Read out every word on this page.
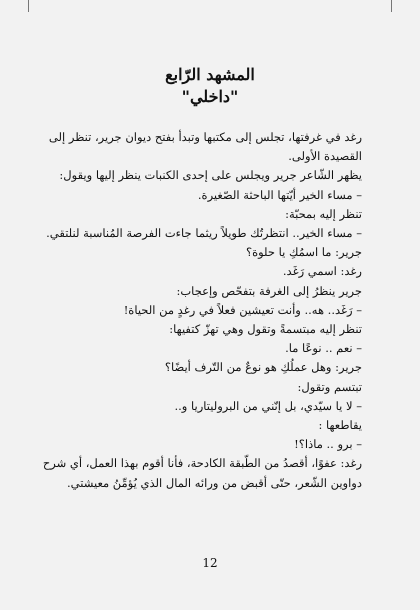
المشهد الرّابع
"داخلي"
رغد في غرفتها، تجلس إلى مكتبها وتبدأ بفتح ديوان جرير، تنظر إلى
القصيدة الأولى.
يظهر الشّاعر جرير ويجلس على إحدى الكنبات ينظر إليها ويقول:
– مساء الخير أيّتها الباحثة الصّغيرة.
تنظر إليه بمحبّة:
– مساء الخير.. انتظرتُك طويلاً ريثما جاءت الفرصة المُناسبة لنلتقي.
جرير: ما اسمُكِ يا حلوة؟
رغد: اسمي رَغَد.
جرير ينظرُ إلى الغرفة بتفحّص وإعجاب:
– رَغَد.. هه.. وأنت تعيشين فعلاً في رغدٍ من الحياة!
تنظر إليه مبتسمةً وتقول وهي تهزّ كتفيها:
– نعم .. نوعًا ما.
جرير: وهل عملُكِ هو نوعٌ من التّرف أيضًا؟
تبتسم وتقول:
– لا يا سيّدي، بل إنّني من البروليتاريا و..
يقاطعها :
– برو .. ماذا؟!
رغد: عفوًا، أقصدُ من الطّبقة الكادحة، فأنا أقوم بهذا العمل، أي شرح
دواوين الشّعر، حتّى أقبض من ورائه المال الذي يُؤمِّنُ معيشتي.
12
